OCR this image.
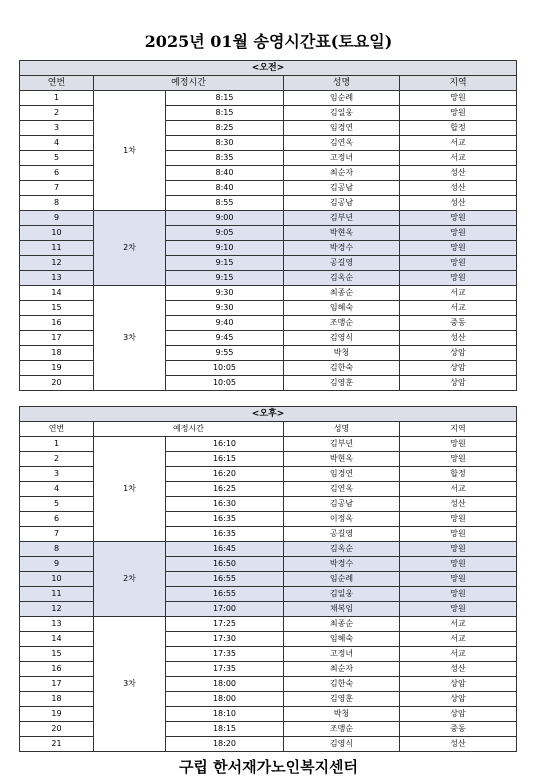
2025년 01월 송영시간표(토요일)
<오전>				
연번	예정시간		성명	지역
1	1차	8:15	임순례	망원
2		8:15	김일웅	망원
3		8:25	임경연	합정
4		8:30	김연옥	서교
5		8:35	고정녀	서교
6		8:40	최순자	성산
7		8:40	김공남	성산
8		8:55	김공남	성산
9	2차	9:00	김부년	망원
10		9:05	박현옥	망원
11		9:10	박경수	망원
12		9:15	공길영	망원
13		9:15	김옥순	망원
14	3차	9:30	최종순	서교
15		9:30	임혜숙	서교
16		9:40	조맹순	중동
17		9:45	김영식	성산
18		9:55	박청	상암
19		10:05	김한숙	상암
20		10:05	김영훈	상암
<오후>				
연번	예정시간		성명	지역
1	1차	16:10	김부년	망원
2		16:15	박현옥	망원
3		16:20	임경연	합정
4		16:25	김연옥	서교
5		16:30	김공남	성산
6		16:35	이정옥	망원
7		16:35	공길영	망원
8	2차	16:45	김옥순	망원
9		16:50	박경수	망원
10		16:55	임순례	망원
11		16:55	김일웅	망원
12		17:00	채복임	망원
13	3차	17:25	최종순	서교
14		17:30	임혜숙	서교
15		17:35	고정녀	서교
16		17:35	최순자	성산
17		18:00	김한숙	상암
18		18:00	김영훈	상암
19		18:10	박청	상암
20		18:15	조맹순	중동
21		18:20	김영식	성산
구립 한서재가노인복지센터
